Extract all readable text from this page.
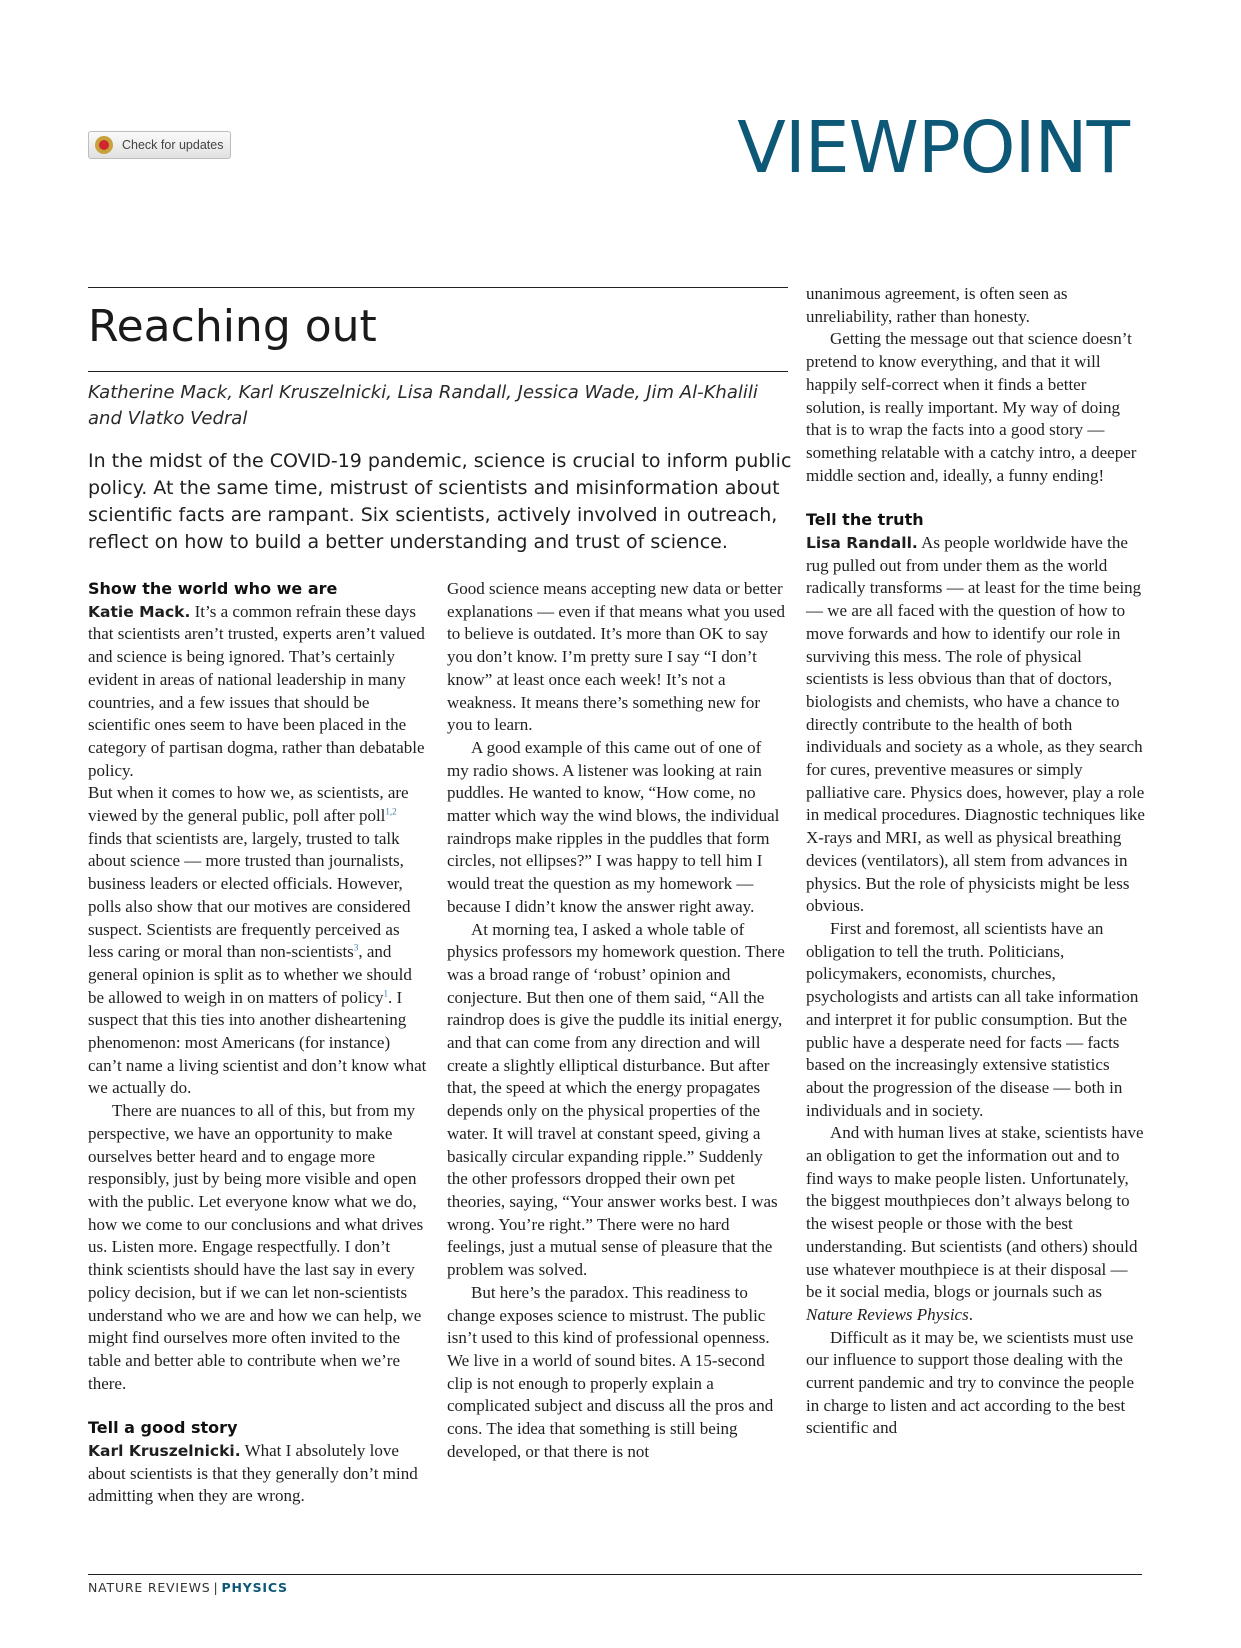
Check for updates	VIEWPOINT
Reaching out
Katherine Mack, Karl Kruszelnicki, Lisa Randall, Jessica Wade, Jim Al-Khalili and Vlatko Vedral
In the midst of the COVID-19 pandemic, science is crucial to inform public policy. At the same time, mistrust of scientists and misinformation about scientific facts are rampant. Six scientists, actively involved in outreach, reflect on how to build a better understanding and trust of science.
Show the world who we are

Katie Mack. It’s a common refrain these days that scientists aren’t trusted, experts aren’t valued and science is being ignored. That’s certainly evident in areas of national leadership in many countries, and a few issues that should be scientific ones seem to have been placed in the category of partisan dogma, rather than debatable policy.

But when it comes to how we, as scientists, are viewed by the general public, poll after poll$^{1,2}$ finds that scientists are, largely, trusted to talk about science — more trusted than journalists, business leaders or elected officials. However, polls also show that our motives are considered suspect. Scientists are frequently perceived as less caring or moral than non-scientists$^3$, and general opinion is split as to whether we should be allowed to weigh in on matters of policy$^1$. I suspect that this ties into another disheartening phenomenon: most Americans (for instance) can’t name a living scientist and don’t know what we actually do.

There are nuances to all of this, but from my perspective, we have an opportunity to make ourselves better heard and to engage more responsibly, just by being more visible and open with the public. Let everyone know what we do, how we come to our conclusions and what drives us. Listen more. Engage respectfully. I don’t think scientists should have the last say in every policy decision, but if we can let non-scientists understand who we are and how we can help, we might find ourselves more often invited to the table and better able to contribute when we’re there.

Tell a good story

Karl Kruszelnicki. What I absolutely love about scientists is that they generally don’t mind admitting when they are wrong.

Good science means accepting new data or better explanations — even if that means what you used to believe is outdated. It’s more than OK to say you don’t know. I’m pretty sure I say “I don’t know” at least once each week! It’s not a weakness. It means there’s something new for you to learn.

A good example of this came out of one of my radio shows. A listener was looking at rain puddles. He wanted to know, “How come, no matter which way the wind blows, the individual raindrops make ripples in the puddles that form circles, not ellipses?” I was happy to tell him I would treat the question as my homework — because I didn’t know the answer right away.

At morning tea, I asked a whole table of physics professors my homework question. There was a broad range of ‘robust’ opinion and conjecture. But then one of them said, “All the raindrop does is give the puddle its initial energy, and that can come from any direction and will create a slightly elliptical disturbance. But after that, the speed at which the energy propagates depends only on the physical properties of the water. It will travel at constant speed, giving a basically circular expanding ripple.” Suddenly the other professors dropped their own pet theories, saying, “Your answer works best. I was wrong. You’re right.” There were no hard feelings, just a mutual sense of pleasure that the problem was solved.

But here’s the paradox. This readiness to change exposes science to mistrust. The public isn’t used to this kind of professional openness. We live in a world of sound bites. A 15-second clip is not enough to properly explain a complicated subject and discuss all the pros and cons. The idea that something is still being developed, or that there is not

unanimous agreement, is often seen as unreliability, rather than honesty.

Getting the message out that science doesn’t pretend to know everything, and that it will happily self-correct when it finds a better solution, is really important. My way of doing that is to wrap the facts into a good story — something relatable with a catchy intro, a deeper middle section and, ideally, a funny ending!

Tell the truth

Lisa Randall. As people worldwide have the rug pulled out from under them as the world radically transforms — at least for the time being — we are all faced with the question of how to move forwards and how to identify our role in surviving this mess. The role of physical scientists is less obvious than that of doctors, biologists and chemists, who have a chance to directly contribute to the health of both individuals and society as a whole, as they search for cures, preventive measures or simply palliative care. Physics does, however, play a role in medical procedures. Diagnostic techniques like X-rays and MRI, as well as physical breathing devices (ventilators), all stem from advances in physics. But the role of physicists might be less obvious.

First and foremost, all scientists have an obligation to tell the truth. Politicians, policymakers, economists, churches, psychologists and artists can all take information and interpret it for public consumption. But the public have a desperate need for facts — facts based on the increasingly extensive statistics about the progression of the disease — both in individuals and in society.

And with human lives at stake, scientists have an obligation to get the information out and to find ways to make people listen. Unfortunately, the biggest mouthpieces don’t always belong to the wisest people or those with the best understanding. But scientists (and others) should use whatever mouthpiece is at their disposal — be it social media, blogs or journals such as Nature Reviews Physics.

Difficult as it may be, we scientists must use our influence to support those dealing with the current pandemic and try to convince the people in charge to listen and act according to the best scientific and

NATURE REVIEWS | PHYSICS
